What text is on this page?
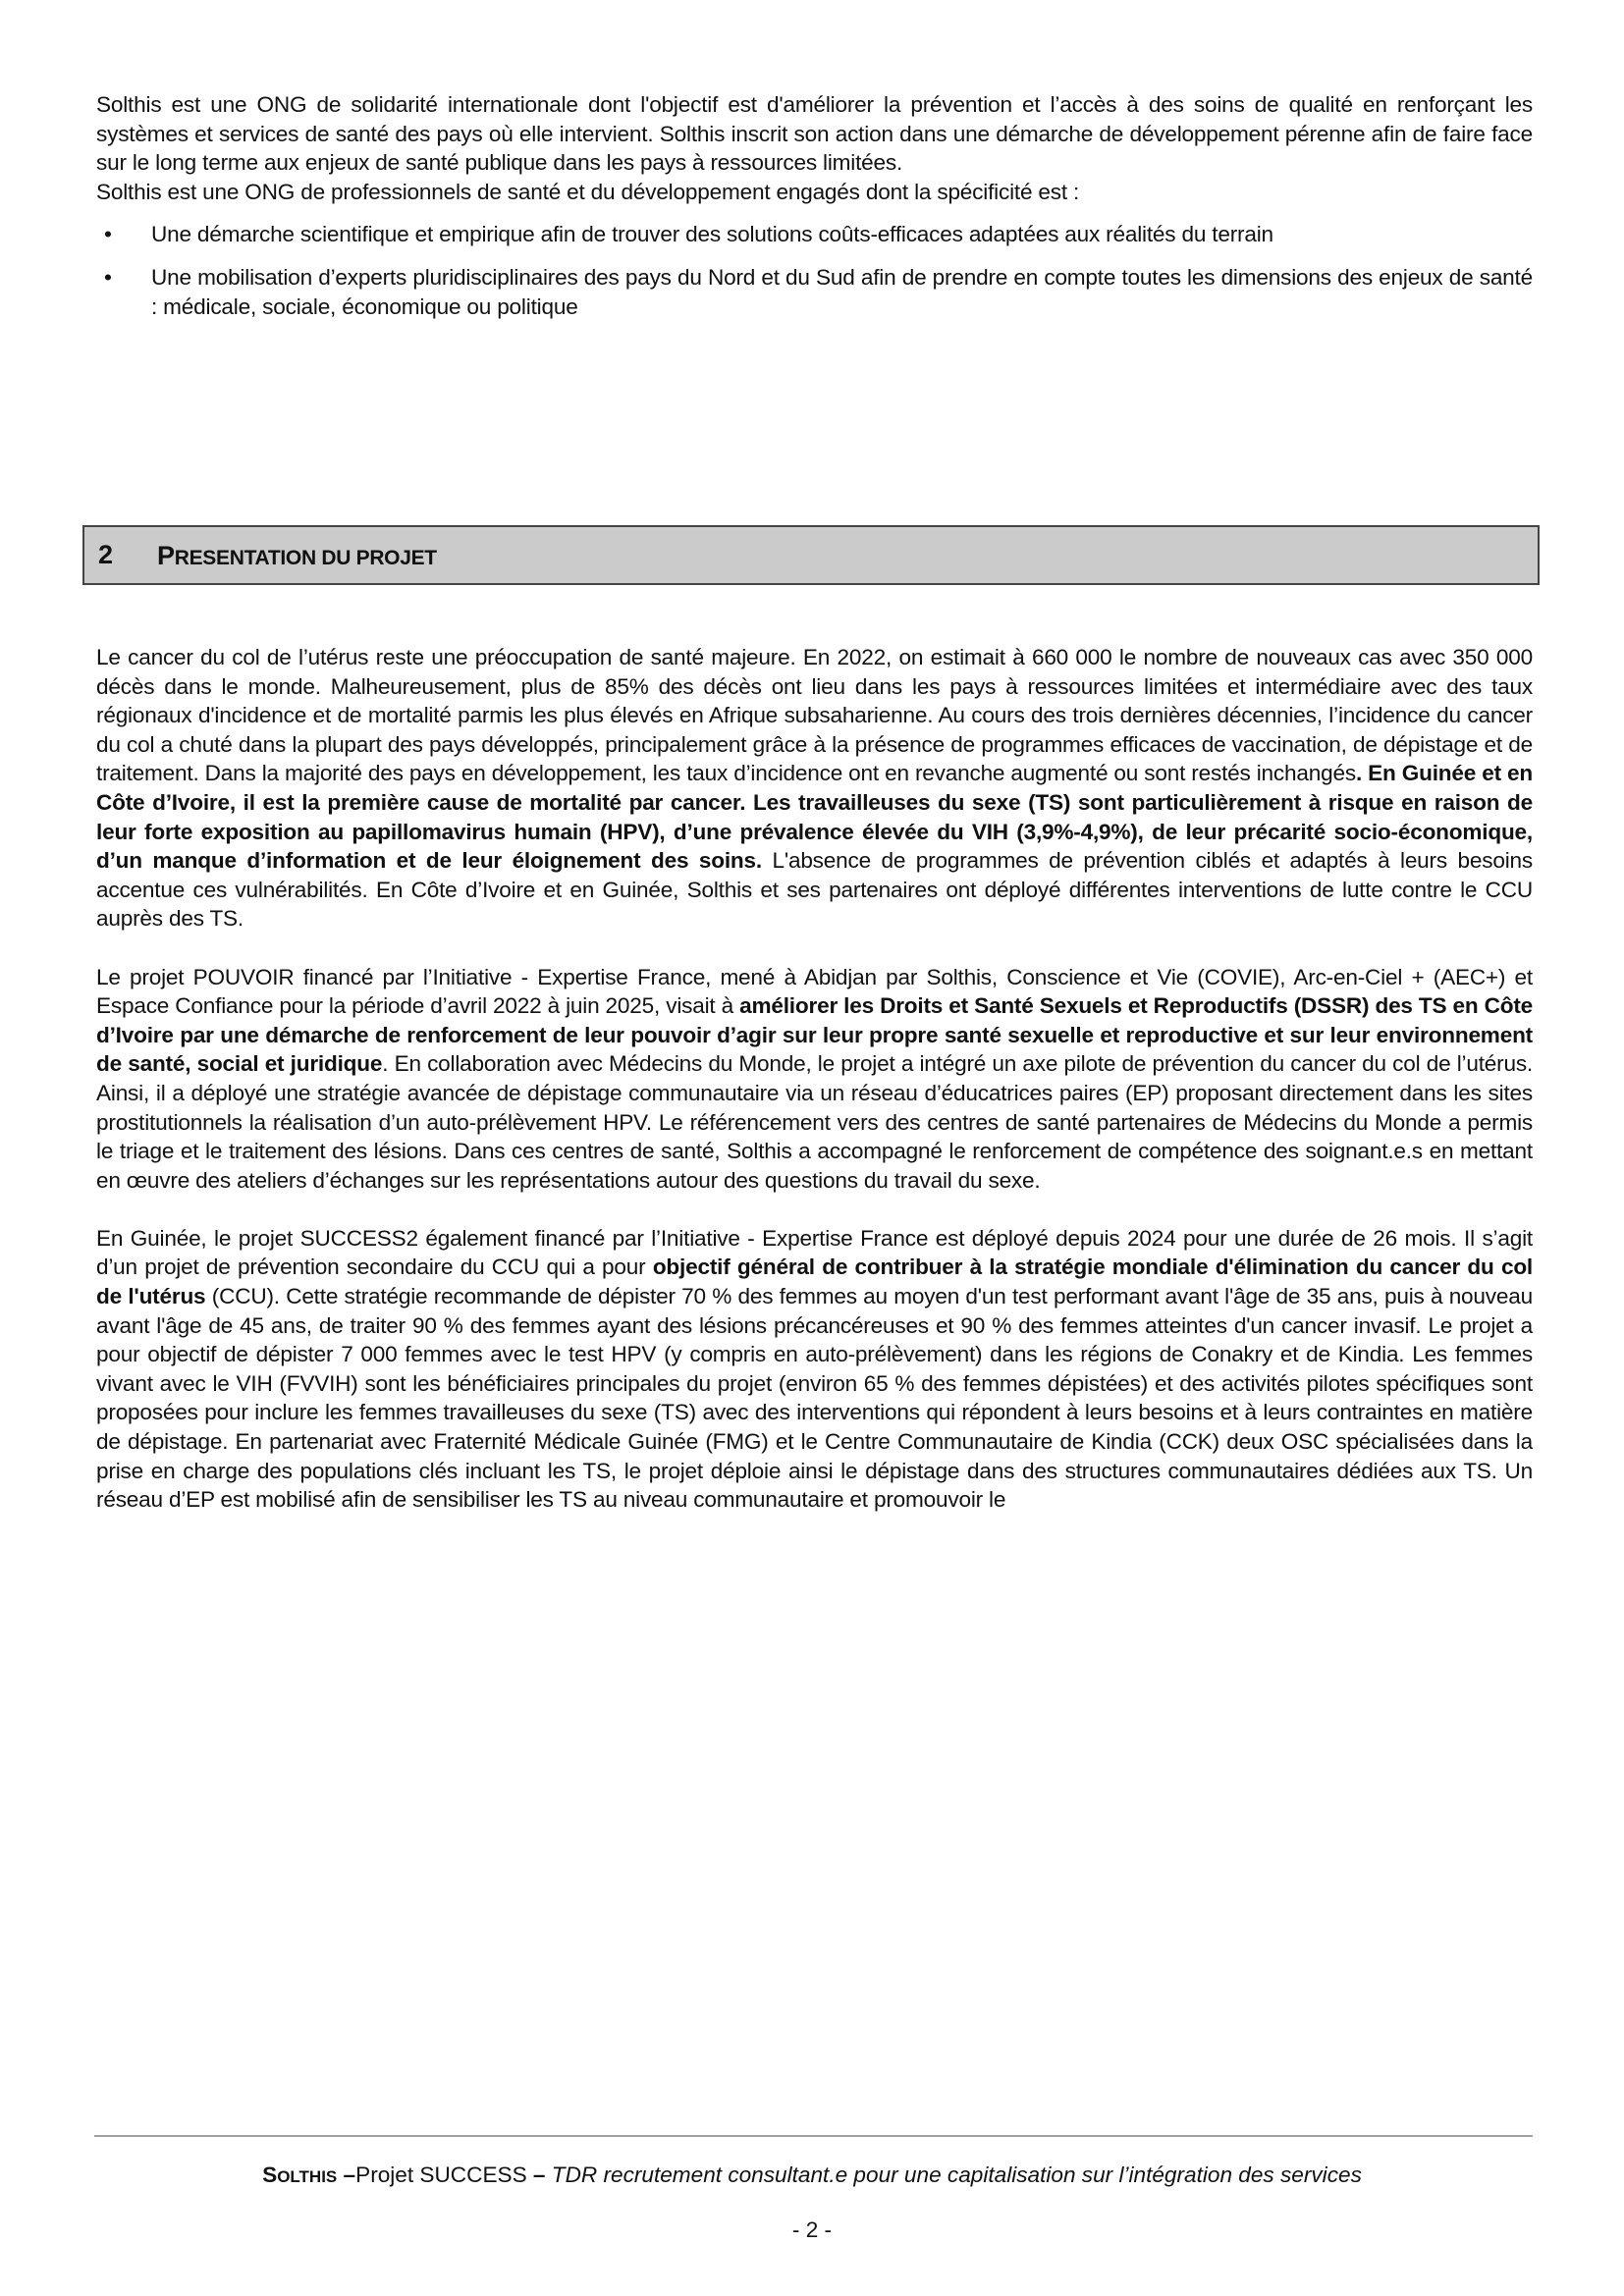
Solthis est une ONG de solidarité internationale dont l'objectif est d'améliorer la prévention et l’accès à des soins de qualité en renforçant les systèmes et services de santé des pays où elle intervient. Solthis inscrit son action dans une démarche de développement pérenne afin de faire face sur le long terme aux enjeux de santé publique dans les pays à ressources limitées.

Solthis est une ONG de professionnels de santé et du développement engagés dont la spécificité est :

• Une démarche scientifique et empirique afin de trouver des solutions coûts-efficaces adaptées aux réalités du terrain
• Une mobilisation d’experts pluridisciplinaires des pays du Nord et du Sud afin de prendre en compte toutes les dimensions des enjeux de santé : médicale, sociale, économique ou politique
2 PRESENTATION DU PROJET

Le cancer du col de l’utérus reste une préoccupation de santé majeure. En 2022, on estimait à 660 000 le nombre de nouveaux cas avec 350 000 décès dans le monde. Malheureusement, plus de 85% des décès ont lieu dans les pays à ressources limitées et intermédiaire avec des taux régionaux d'incidence et de mortalité parmis les plus élevés en Afrique subsaharienne. Au cours des trois dernières décennies, l’incidence du cancer du col a chuté dans la plupart des pays développés, principalement grâce à la présence de programmes efficaces de vaccination, de dépistage et de traitement. Dans la majorité des pays en développement, les taux d’incidence ont en revanche augmenté ou sont restés inchangés. En Guinée et en Côte d’Ivoire, il est la première cause de mortalité par cancer. Les travailleuses du sexe (TS) sont particulièrement à risque en raison de leur forte exposition au papillomavirus humain (HPV), d’une prévalence élevée du VIH (3,9%-4,9%), de leur précarité socio-économique, d’un manque d’information et de leur éloignement des soins. L'absence de programmes de prévention ciblés et adaptés à leurs besoins accentue ces vulnérabilités. En Côte d’Ivoire et en Guinée, Solthis et ses partenaires ont déployé différentes interventions de lutte contre le CCU auprès des TS.

Le projet POUVOIR financé par l’Initiative - Expertise France, mené à Abidjan par Solthis, Conscience et Vie (COVIE), Arc-en-Ciel + (AEC+) et Espace Confiance pour la période d’avril 2022 à juin 2025, visait à améliorer les Droits et Santé Sexuels et Reproductifs (DSSR) des TS en Côte d’Ivoire par une démarche de renforcement de leur pouvoir d’agir sur leur propre santé sexuelle et reproductive et sur leur environnement de santé, social et juridique. En collaboration avec Médecins du Monde, le projet a intégré un axe pilote de prévention du cancer du col de l’utérus. Ainsi, il a déployé une stratégie avancée de dépistage communautaire via un réseau d’éducatrices paires (EP) proposant directement dans les sites prostitutionnels la réalisation d’un auto-prélèvement HPV. Le référencement vers des centres de santé partenaires de Médecins du Monde a permis le triage et le traitement des lésions. Dans ces centres de santé, Solthis a accompagné le renforcement de compétence des soignant.e.s en mettant en œuvre des ateliers d’échanges sur les représentations autour des questions du travail du sexe.

En Guinée, le projet SUCCESS2 également financé par l’Initiative - Expertise France est déployé depuis 2024 pour une durée de 26 mois. Il s’agit d’un projet de prévention secondaire du CCU qui a pour objectif général de contribuer à la stratégie mondiale d'élimination du cancer du col de l'utérus (CCU). Cette stratégie recommande de dépister 70 % des femmes au moyen d'un test performant avant l'âge de 35 ans, puis à nouveau avant l'âge de 45 ans, de traiter 90 % des femmes ayant des lésions précancéreuses et 90 % des femmes atteintes d'un cancer invasif. Le projet a pour objectif de dépister 7 000 femmes avec le test HPV (y compris en auto-prélèvement) dans les régions de Conakry et de Kindia. Les femmes vivant avec le VIH (FVVIH) sont les bénéficiaires principales du projet (environ 65 % des femmes dépistées) et des activités pilotes spécifiques sont proposées pour inclure les femmes travailleuses du sexe (TS) avec des interventions qui répondent à leurs besoins et à leurs contraintes en matière de dépistage. En partenariat avec Fraternité Médicale Guinée (FMG) et le Centre Communautaire de Kindia (CCK) deux OSC spécialisées dans la prise en charge des populations clés incluant les TS, le projet déploie ainsi le dépistage dans des structures communautaires dédiées aux TS. Un réseau d’EP est mobilisé afin de sensibiliser les TS au niveau communautaire et promouvoir le

SOLTHIS –Projet SUCCESS – TDR recrutement consultant.e pour une capitalisation sur l’intégration des services
- 2 -
